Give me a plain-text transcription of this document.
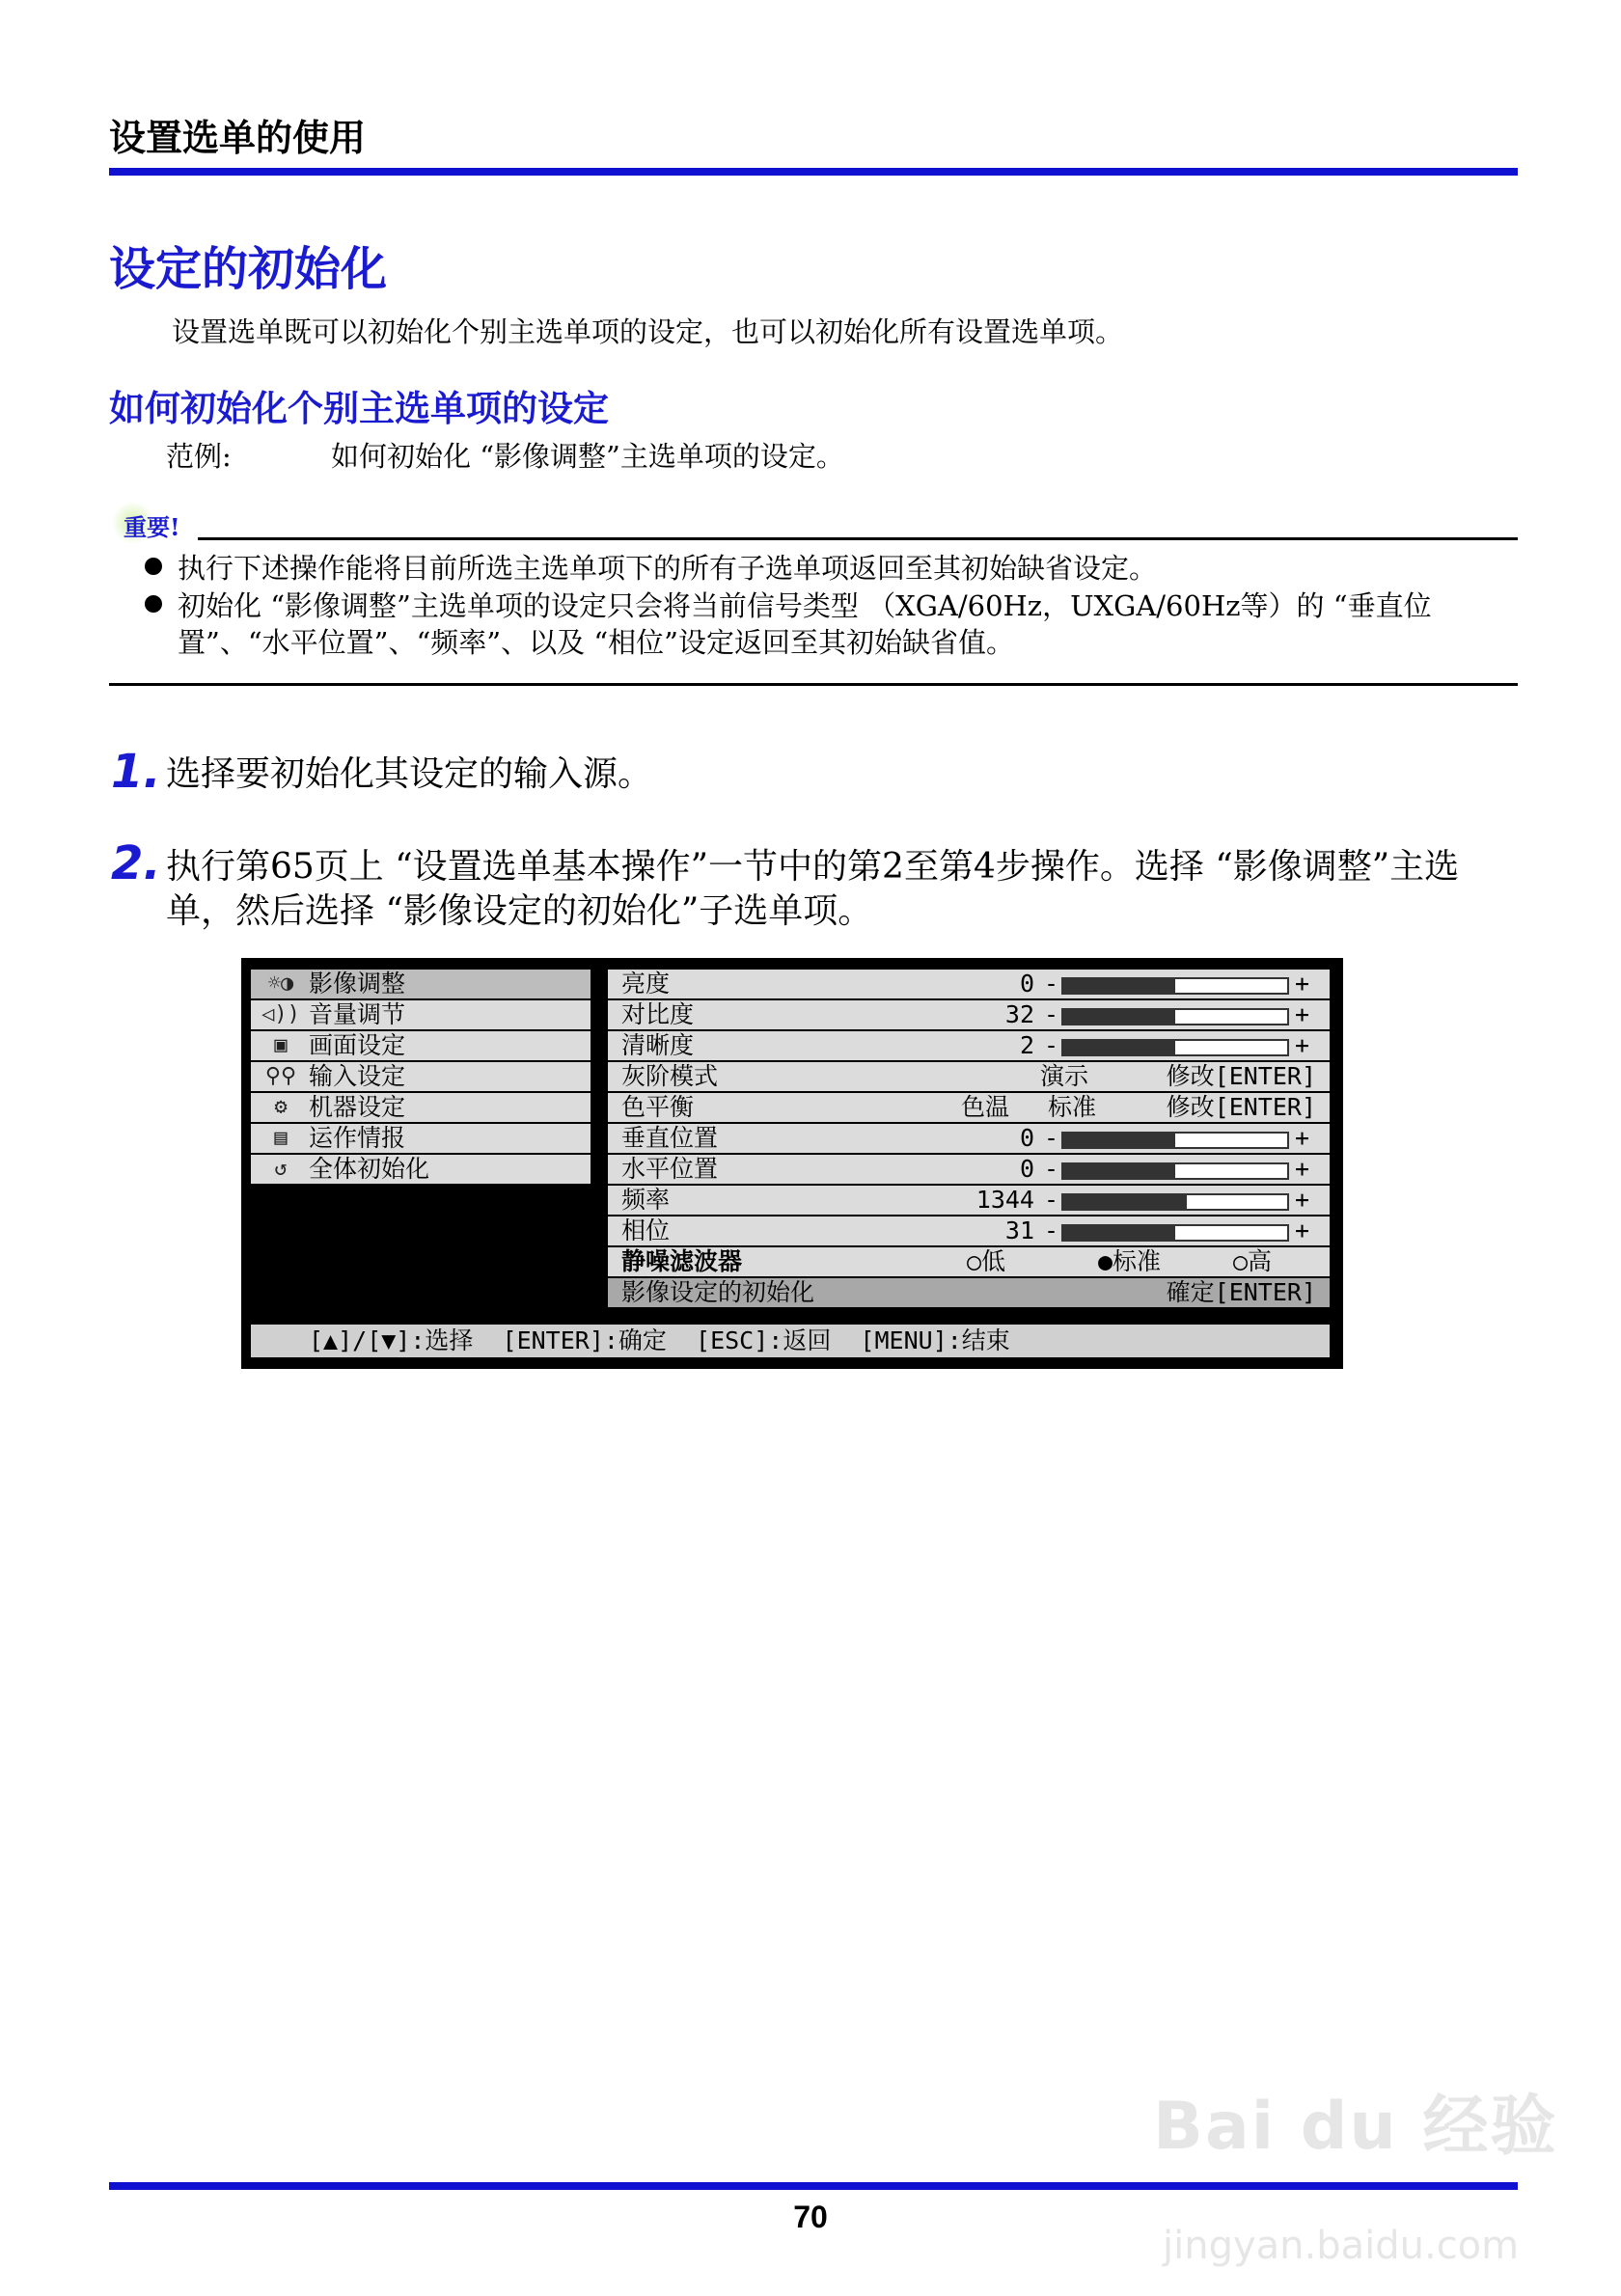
设置选单的使用
设定的初始化
设置选单既可以初始化个别主选单项的设定，也可以初始化所有设置选单项。
如何初始化个别主选单项的设定
范例:	如何初始化 “影像调整”主选单项的设定。
重要!
执行下述操作能将目前所选主选单项下的所有子选单项返回至其初始缺省设定。
初始化 “影像调整”主选单项的设定只会将当前信号类型 （XGA/60Hz，UXGA/60Hz等）的 “垂直位置”、“水平位置”、“频率”、以及 “相位”设定返回至其初始缺省值。
1. 选择要初始化其设定的输入源。
2. 执行第65页上 “设置选单基本操作”一节中的第2至第4步操作。选择 “影像调整”主选单，然后选择 “影像设定的初始化”子选单项。
☼◑ 影像调整
◁)) 音量调节
▣ 画面设定
⚲⚲ 输入设定
⚙ 机器设定
▤ 运作情报
↺ 全体初始化
亮度	0 -	+
对比度	32 -	+
清晰度	2 -	+
灰阶模式	演示	修改[ENTER]
色平衡	色温 标准	修改[ENTER]
垂直位置	0 -	+
水平位置	0 -	+
频率	1344 -	+
相位	31 -	+
静噪滤波器	○低	●标准	○高
影像设定的初始化	確定[ENTER]
[▲]/[▼]:选择  [ENTER]:确定  [ESC]:返回  [MENU]:结束
Bai du 经验
jingyan.baidu.com
70
